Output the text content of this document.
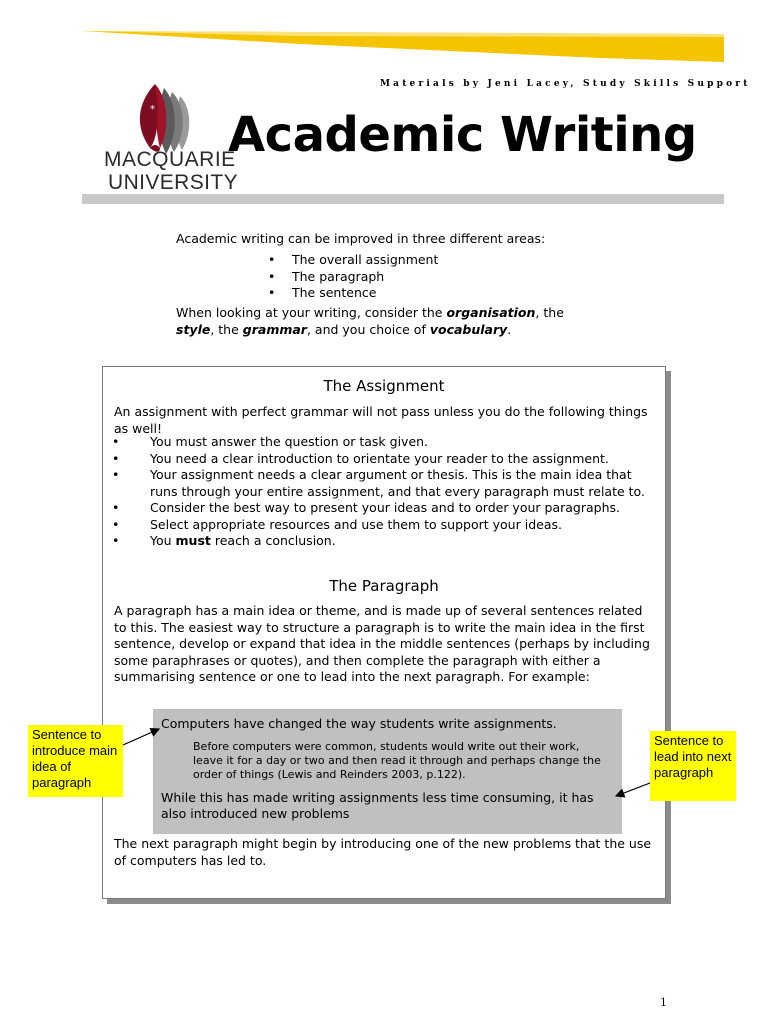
Materials by Jeni Lacey, Study Skills Support
*
MACQUARIE
UNIVERSITY
Academic Writing
Academic writing can be improved in three different areas:
• The overall assignment
• The paragraph
• The sentence
When looking at your writing, consider the organisation, the style, the grammar, and you choice of vocabulary.
The Assignment
An assignment with perfect grammar will not pass unless you do the following things as well!
• You must answer the question or task given.
• You need a clear introduction to orientate your reader to the assignment.
• Your assignment needs a clear argument or thesis. This is the main idea that runs through your entire assignment, and that every paragraph must relate to.
• Consider the best way to present your ideas and to order your paragraphs.
• Select appropriate resources and use them to support your ideas.
• You must reach a conclusion.
The Paragraph
A paragraph has a main idea or theme, and is made up of several sentences related to this. The easiest way to structure a paragraph is to write the main idea in the first sentence, develop or expand that idea in the middle sentences (perhaps by including some paraphrases or quotes), and then complete the paragraph with either a summarising sentence or one to lead into the next paragraph. For example:
Computers have changed the way students write assignments.
Before computers were common, students would write out their work, leave it for a day or two and then read it through and perhaps change the order of things (Lewis and Reinders 2003, p.122).
While this has made writing assignments less time consuming, it has also introduced new problems
The next paragraph might begin by introducing one of the new problems that the use of computers has led to.
Sentence to introduce main idea of paragraph
Sentence to lead into next paragraph
1
